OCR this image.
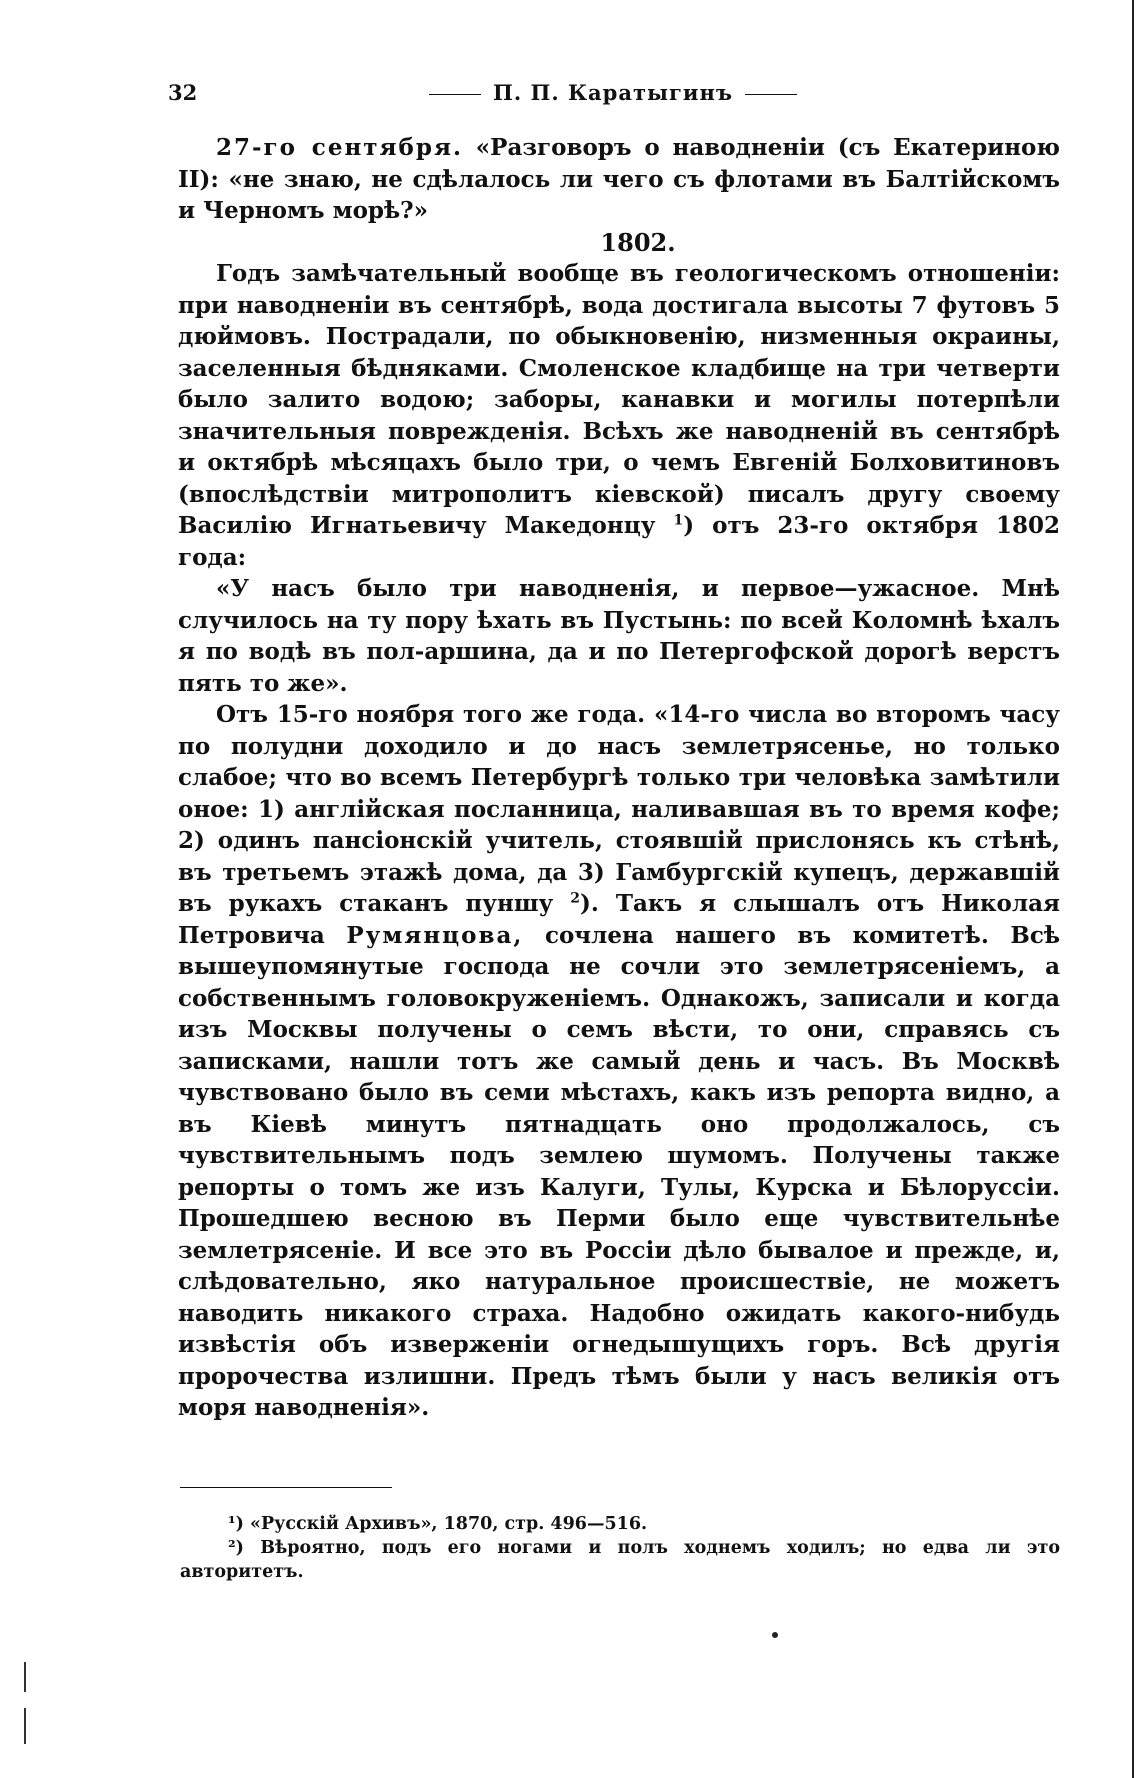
32	П. П. Каратыгинъ

27-го сентября. «Разговоръ о наводненіи (съ Екатериною II): «не знаю, не сдѣлалось ли чего съ флотами въ Балтійскомъ и Черномъ морѣ?»

1802.

Годъ замѣчательный вообще въ геологическомъ отношеніи: при наводненіи въ сентябрѣ, вода достигала высоты 7 футовъ 5 дюймовъ. Пострадали, по обыкновенію, низменныя окраины, заселенныя бѣдняками. Смоленское кладбище на три четверти было залито водою; заборы, канавки и могилы потерпѣли значительныя поврежденія. Всѣхъ же наводненій въ сентябрѣ и октябрѣ мѣсяцахъ было три, о чемъ Евгеній Болховитиновъ (впослѣдствіи митрополитъ кіевской) писалъ другу своему Василію Игнатьевичу Македонцу $^1$) отъ 23-го октября 1802 года:

«У насъ было три наводненія, и первое—ужасное. Мнѣ случилось на ту пору ѣхать въ Пустынь: по всей Коломнѣ ѣхалъ я по водѣ въ пол-аршина, да и по Петергофской дорогѣ верстъ пять то же».

Отъ 15-го ноября того же года. «14-го числа во второмъ часу по полудни доходило и до насъ землетрясенье, но только слабое; что во всемъ Петербургѣ только три человѣка замѣтили оное: 1) англійская посланница, наливавшая въ то время кофе; 2) одинъ пансіонскій учитель, стоявшій прислонясь къ стѣнѣ, въ третьемъ этажѣ дома, да 3) Гамбургскій купецъ, державшій въ рукахъ стаканъ пуншу $^2$). Такъ я слышалъ отъ Николая Петровича Румянцова, сочлена нашего въ комитетѣ. Всѣ вышеупомянутые господа не сочли это землетрясеніемъ, а собственнымъ головокруженіемъ. Однакожъ, записали и когда изъ Москвы получены о семъ вѣсти, то они, справясь съ записками, нашли тотъ же самый день и часъ. Въ Москвѣ чувствовано было въ семи мѣстахъ, какъ изъ репорта видно, а въ Кіевѣ минутъ пятнадцать оно продолжалось, съ чувствительнымъ подъ землею шумомъ. Получены также репорты о томъ же изъ Калуги, Тулы, Курска и Бѣлоруссіи. Прошедшею весною въ Перми было еще чувствительнѣе землетрясеніе. И все это въ Россіи дѣло бывалое и прежде, и, слѣдовательно, яко натуральное происшествіе, не можетъ наводить никакого страха. Надобно ожидать какого-нибудь извѣстія объ изверженіи огнедышущихъ горъ. Всѣ другія пророчества излишни. Предъ тѣмъ были у насъ великія отъ моря наводненія».

¹) «Русскій Архивъ», 1870, стр. 496—516.

²) Вѣроятно, подъ его ногами и полъ ходнемъ ходилъ; но едва ли это авторитетъ.
